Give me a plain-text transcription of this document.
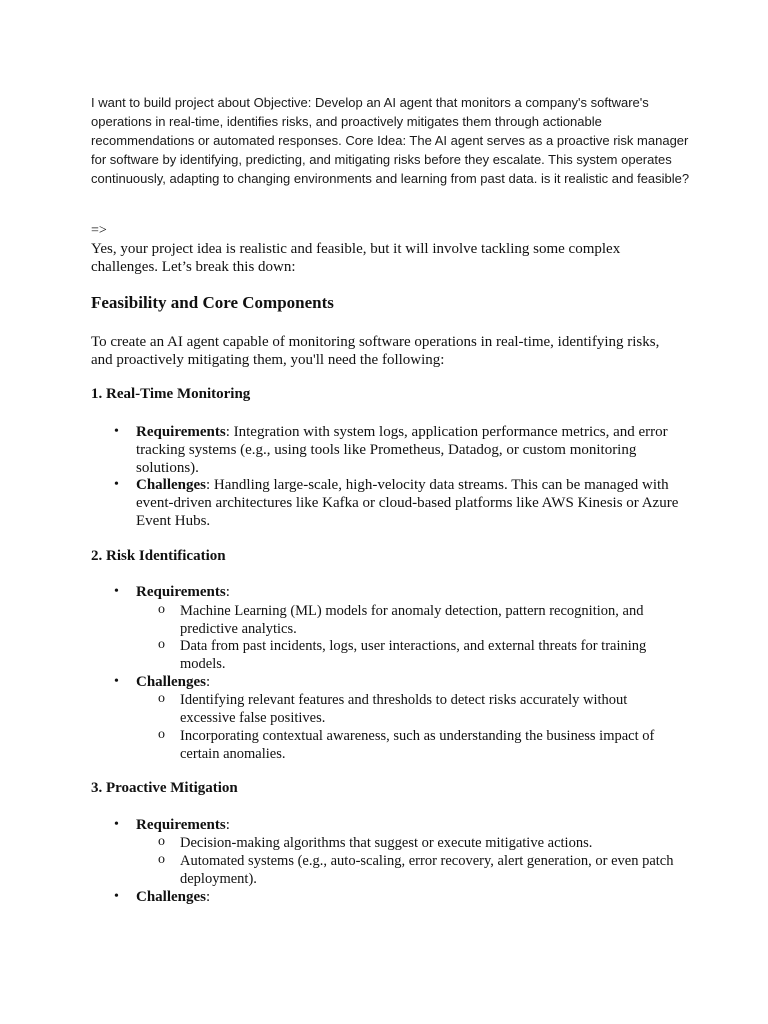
I want to build project about Objective: Develop an AI agent that monitors a company's software's operations in real-time, identifies risks, and proactively mitigates them through actionable recommendations or automated responses. Core Idea: The AI agent serves as a proactive risk manager for software by identifying, predicting, and mitigating risks before they escalate. This system operates continuously, adapting to changing environments and learning from past data. is it realistic and feasible?
=>
Yes, your project idea is realistic and feasible, but it will involve tackling some complex challenges. Let’s break this down:
Feasibility and Core Components
To create an AI agent capable of monitoring software operations in real-time, identifying risks, and proactively mitigating them, you'll need the following:
1. Real-Time Monitoring
• Requirements: Integration with system logs, application performance metrics, and error tracking systems (e.g., using tools like Prometheus, Datadog, or custom monitoring solutions).
• Challenges: Handling large-scale, high-velocity data streams. This can be managed with event-driven architectures like Kafka or cloud-based platforms like AWS Kinesis or Azure Event Hubs.
2. Risk Identification
• Requirements:
o Machine Learning (ML) models for anomaly detection, pattern recognition, and predictive analytics.
o Data from past incidents, logs, user interactions, and external threats for training models.
• Challenges:
o Identifying relevant features and thresholds to detect risks accurately without excessive false positives.
o Incorporating contextual awareness, such as understanding the business impact of certain anomalies.
3. Proactive Mitigation
• Requirements:
o Decision-making algorithms that suggest or execute mitigative actions.
o Automated systems (e.g., auto-scaling, error recovery, alert generation, or even patch deployment).
• Challenges:
